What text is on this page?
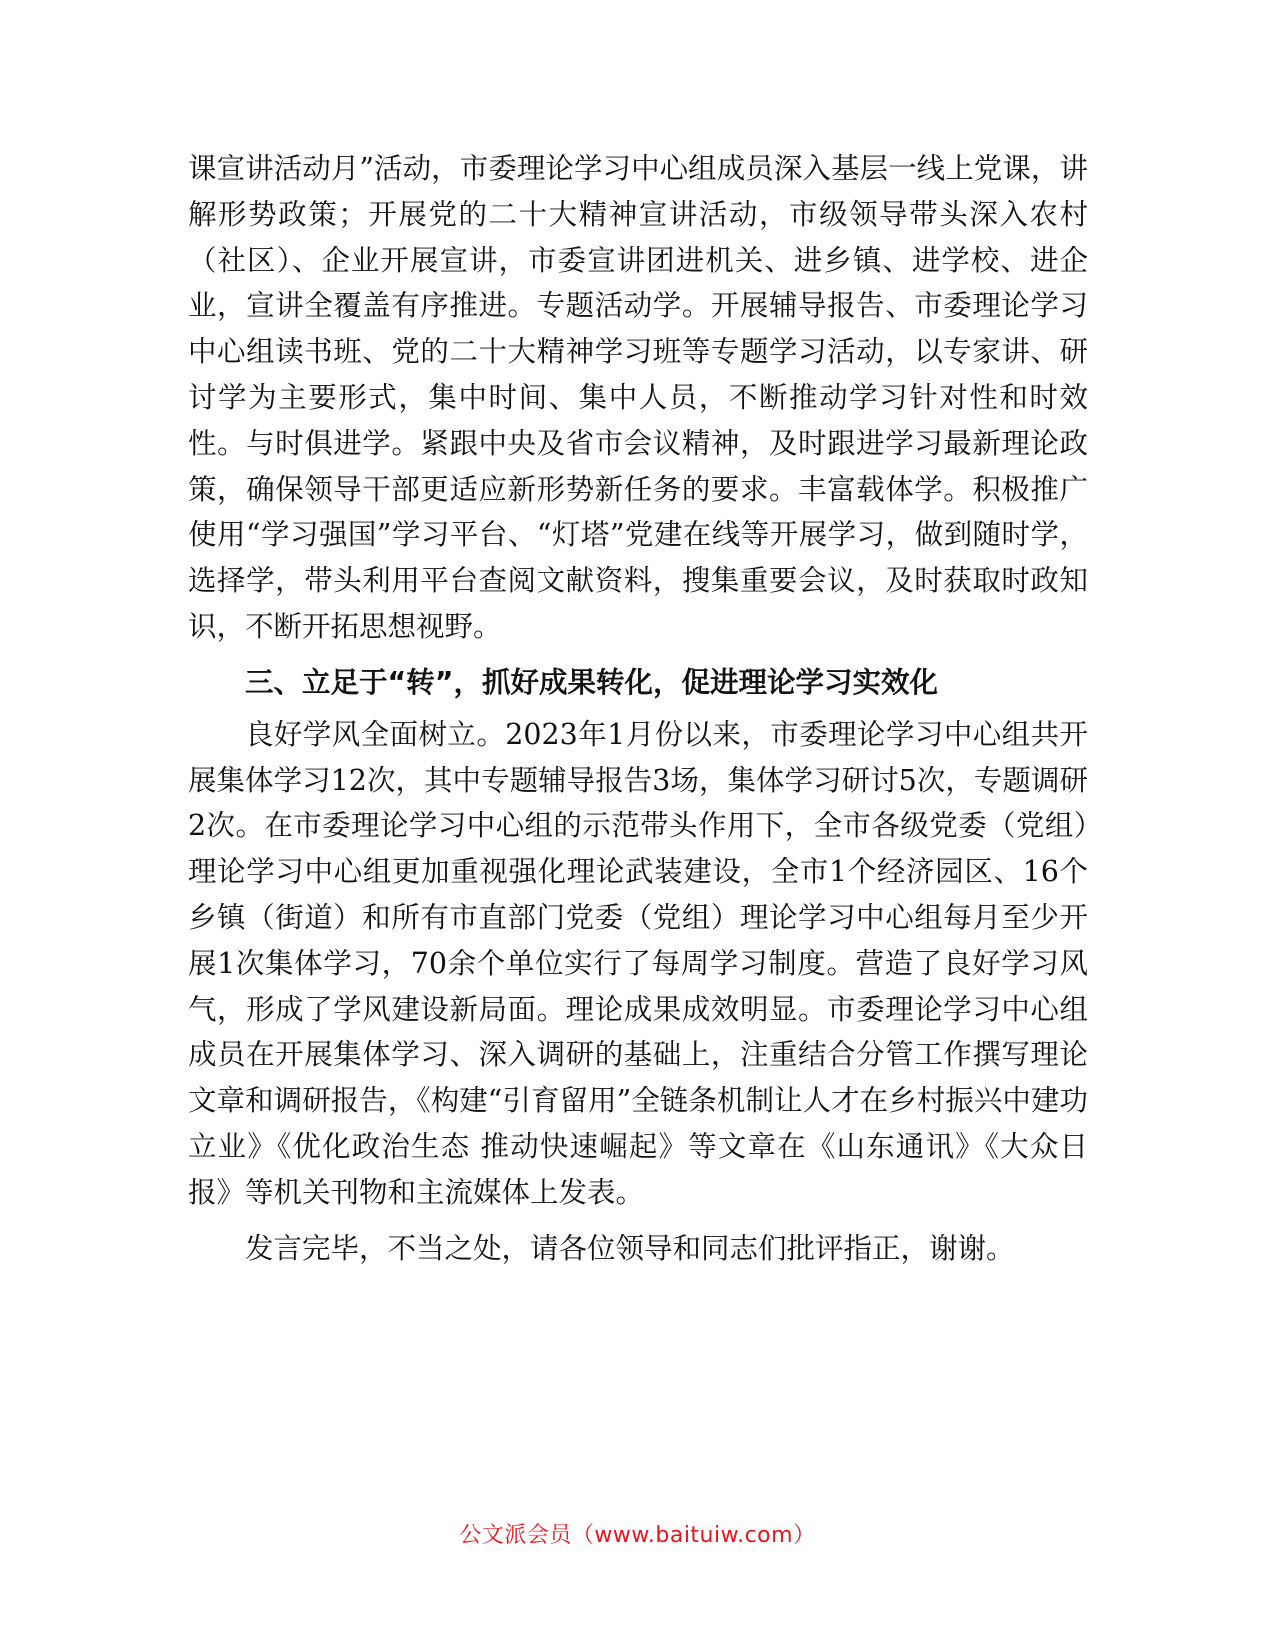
课宣讲活动月”活动，市委理论学习中心组成员深入基层一线上党课，讲解形势政策；开展党的二十大精神宣讲活动，市级领导带头深入农村（社区）、企业开展宣讲，市委宣讲团进机关、进乡镇、进学校、进企业，宣讲全覆盖有序推进。专题活动学。开展辅导报告、市委理论学习中心组读书班、党的二十大精神学习班等专题学习活动，以专家讲、研讨学为主要形式，集中时间、集中人员，不断推动学习针对性和时效性。与时俱进学。紧跟中央及省市会议精神，及时跟进学习最新理论政策，确保领导干部更适应新形势新任务的要求。丰富载体学。积极推广使用“学习强国”学习平台、“灯塔”党建在线等开展学习，做到随时学，选择学，带头利用平台查阅文献资料，搜集重要会议，及时获取时政知识，不断开拓思想视野。

三、立足于“转”，抓好成果转化，促进理论学习实效化

良好学风全面树立。2023年1月份以来，市委理论学习中心组共开展集体学习12次，其中专题辅导报告3场，集体学习研讨5次，专题调研2次。在市委理论学习中心组的示范带头作用下，全市各级党委（党组）理论学习中心组更加重视强化理论武装建设，全市1个经济园区、16个乡镇（街道）和所有市直部门党委（党组）理论学习中心组每月至少开展1次集体学习，70余个单位实行了每周学习制度。营造了良好学习风气，形成了学风建设新局面。理论成果成效明显。市委理论学习中心组成员在开展集体学习、深入调研的基础上，注重结合分管工作撰写理论文章和调研报告，《构建“引育留用”全链条机制让人才在乡村振兴中建功立业》《优化政治生态 推动快速崛起》等文章在《山东通讯》《大众日报》等机关刊物和主流媒体上发表。

发言完毕，不当之处，请各位领导和同志们批评指正，谢谢。

公文派会员（www.baituiw.com）
